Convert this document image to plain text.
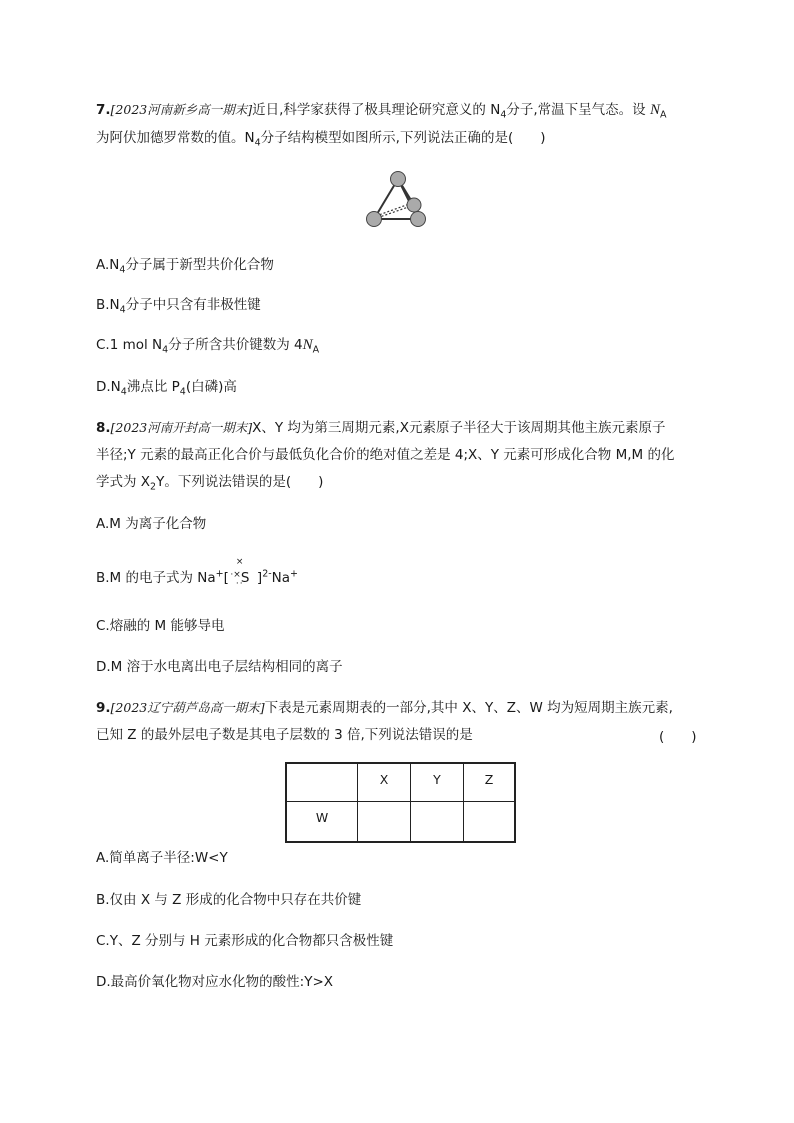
7.[2023河南新乡高一期末]近日,科学家获得了极具理论研究意义的 $N_4$分子,常温下呈气态。设 $N_A$
为阿伏加德罗常数的值。$N_4$分子结构模型如图所示,下列说法正确的是(　　)
$A.N_4$分子属于新型共价化合物
$B.N_4$分子中只含有非极性键
C.1 mol $N_4$分子所含共价键数为 $4N_A$
$D.N_4$沸点比 $P_4$(白磷)高
8.[2023河南开封高一期末]X、Y 均为第三周期元素,X元素原子半径大于该周期其他主族元素原子
半径;Y 元素的最高正化合价与最低负化合价的绝对值之差是 4;X、Y 元素可形成化合物 M,M 的化
学式为 $X_2Y$。下列说法错误的是(　　)
A.M 为离子化合物
B.M 的电子式为 Na+[ ·×
×
S
·· ]$^{2-}$Na+
C.熔融的 M 能够导电
D.M 溶于水电离出电子层结构相同的离子
9.[2023辽宁葫芦岛高一期末]下表是元素周期表的一部分,其中 X、Y、Z、W 均为短周期主族元素,
已知 Z 的最外层电子数是其电子层数的 3 倍,下列说法错误的是	(　　)
	X	Y	Z
W			
A.简单离子半径:W<Y
B.仅由 X 与 Z 形成的化合物中只存在共价键
C.Y、Z 分别与 H 元素形成的化合物都只含极性键
D.最高价氧化物对应水化物的酸性:Y>X
